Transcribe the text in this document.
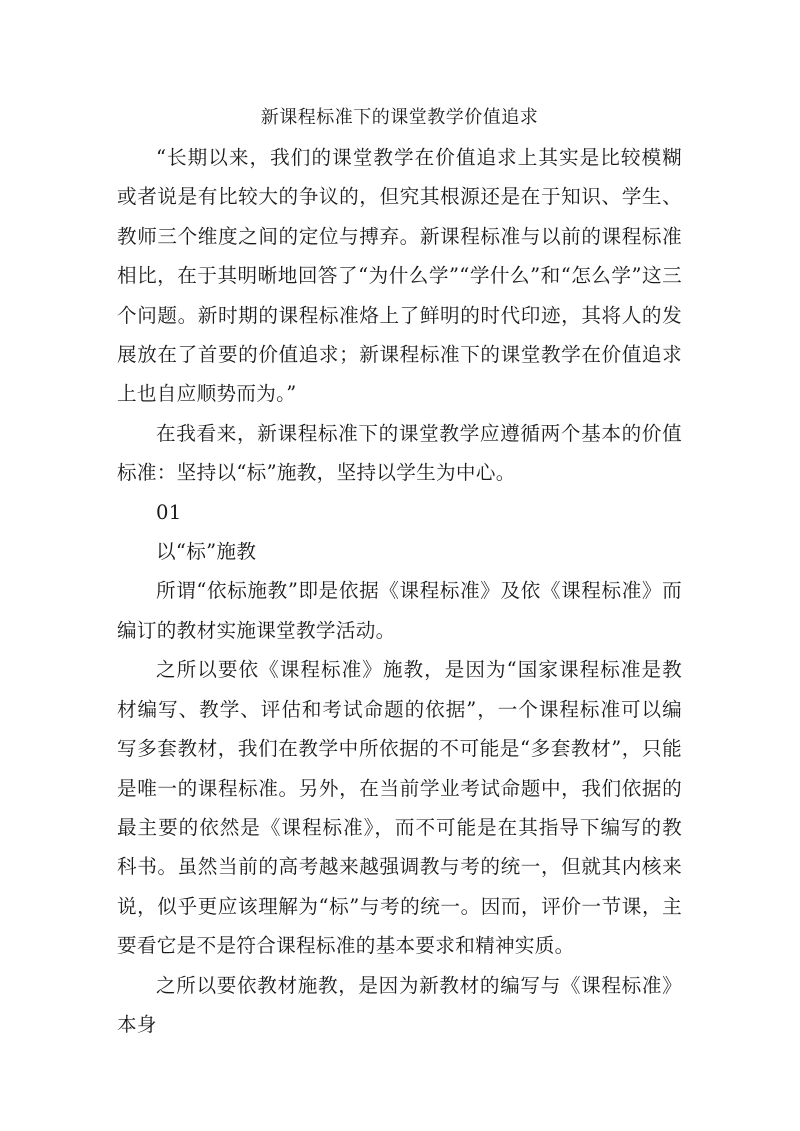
新课程标准下的课堂教学价值追求

“长期以来，我们的课堂教学在价值追求上其实是比较模糊或者说是有比较大的争议的，但究其根源还是在于知识、学生、教师三个维度之间的定位与搏弃。新课程标准与以前的课程标准相比，在于其明晰地回答了“为什么学”“学什么”和“怎么学”这三个问题。新时期的课程标准烙上了鲜明的时代印迹，其将人的发展放在了首要的价值追求；新课程标准下的课堂教学在价值追求上也自应顺势而为。”

在我看来，新课程标准下的课堂教学应遵循两个基本的价值标准：坚持以“标”施教，坚持以学生为中心。

01

以“标”施教

所谓“依标施教”即是依据《课程标准》及依《课程标准》而编订的教材实施课堂教学活动。

之所以要依《课程标准》施教，是因为“国家课程标准是教材编写、教学、评估和考试命题的依据”，一个课程标准可以编写多套教材，我们在教学中所依据的不可能是“多套教材”，只能是唯一的课程标准。另外，在当前学业考试命题中，我们依据的最主要的依然是《课程标准》，而不可能是在其指导下编写的教科书。虽然当前的高考越来越强调教与考的统一，但就其内核来说，似乎更应该理解为“标”与考的统一。因而，评价一节课，主要看它是不是符合课程标准的基本要求和精神实质。

之所以要依教材施教，是因为新教材的编写与《课程标准》本身
